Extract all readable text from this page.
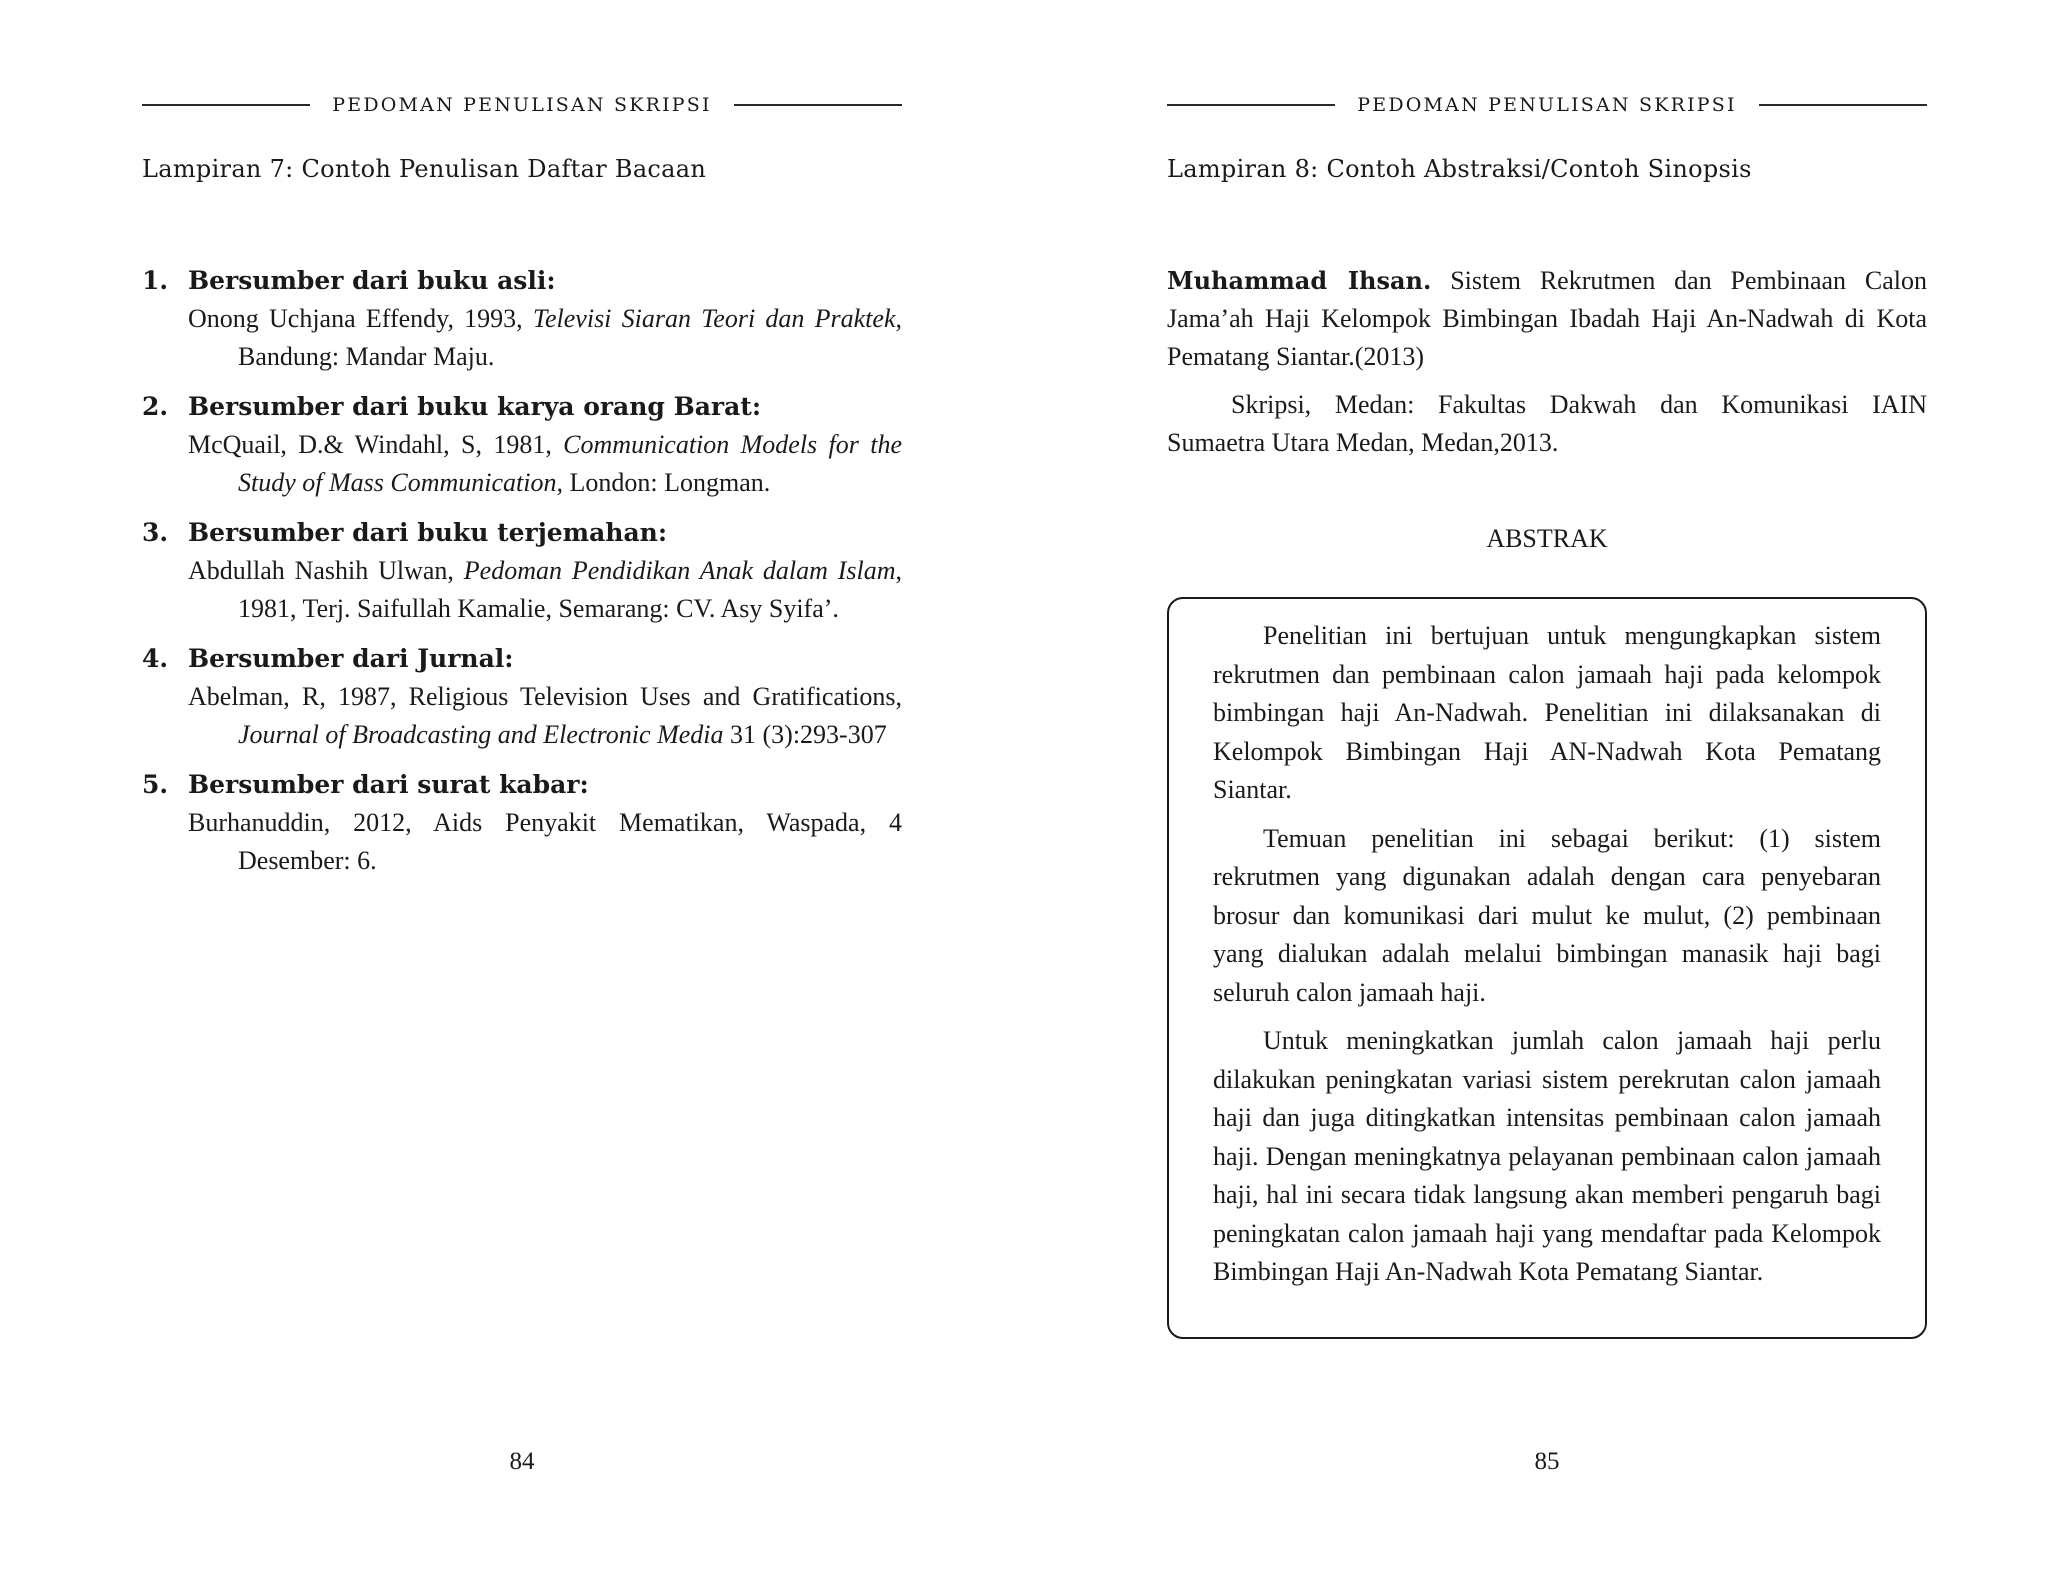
PEDOMAN PENULISAN SKRIPSI
Lampiran 7: Contoh Penulisan Daftar Bacaan
1. Bersumber dari buku asli:
Onong Uchjana Effendy, 1993, Televisi Siaran Teori dan Praktek, Bandung: Mandar Maju.
2. Bersumber dari buku karya orang Barat:
McQuail, D.& Windahl, S, 1981, Communication Models for the Study of Mass Communication, London: Longman.
3. Bersumber dari buku terjemahan:
Abdullah Nashih Ulwan, Pedoman Pendidikan Anak dalam Islam, 1981, Terj. Saifullah Kamalie, Semarang: CV. Asy Syifa’.
4. Bersumber dari Jurnal:
Abelman, R, 1987, Religious Television Uses and Gratifications, Journal of Broadcasting and Electronic Media 31 (3):293-307
5. Bersumber dari surat kabar:
Burhanuddin, 2012, Aids Penyakit Mematikan, Waspada, 4 Desember: 6.
84
PEDOMAN PENULISAN SKRIPSI
Lampiran 8: Contoh Abstraksi/Contoh Sinopsis
Muhammad Ihsan. Sistem Rekrutmen dan Pembinaan Calon Jama’ah Haji Kelompok Bimbingan Ibadah Haji An-Nadwah di Kota Pematang Siantar.(2013)
Skripsi, Medan: Fakultas Dakwah dan Komunikasi IAIN Sumaetra Utara Medan, Medan,2013.
ABSTRAK

Penelitian ini bertujuan untuk mengungkapkan sistem rekrutmen dan pembinaan calon jamaah haji pada kelompok bimbingan haji An-Nadwah. Penelitian ini dilaksanakan di Kelompok Bimbingan Haji AN-Nadwah Kota Pematang Siantar.

Temuan penelitian ini sebagai berikut: (1) sistem rekrutmen yang digunakan adalah dengan cara penyebaran brosur dan komunikasi dari mulut ke mulut, (2) pembinaan yang dialukan adalah melalui bimbingan manasik haji bagi seluruh calon jamaah haji.

Untuk meningkatkan jumlah calon jamaah haji perlu dilakukan peningkatan variasi sistem perekrutan calon jamaah haji dan juga ditingkatkan intensitas pembinaan calon jamaah haji. Dengan meningkatnya pelayanan pembinaan calon jamaah haji, hal ini secara tidak langsung akan memberi pengaruh bagi peningkatan calon jamaah haji yang mendaftar pada Kelompok Bimbingan Haji An-Nadwah Kota Pematang Siantar.

85
